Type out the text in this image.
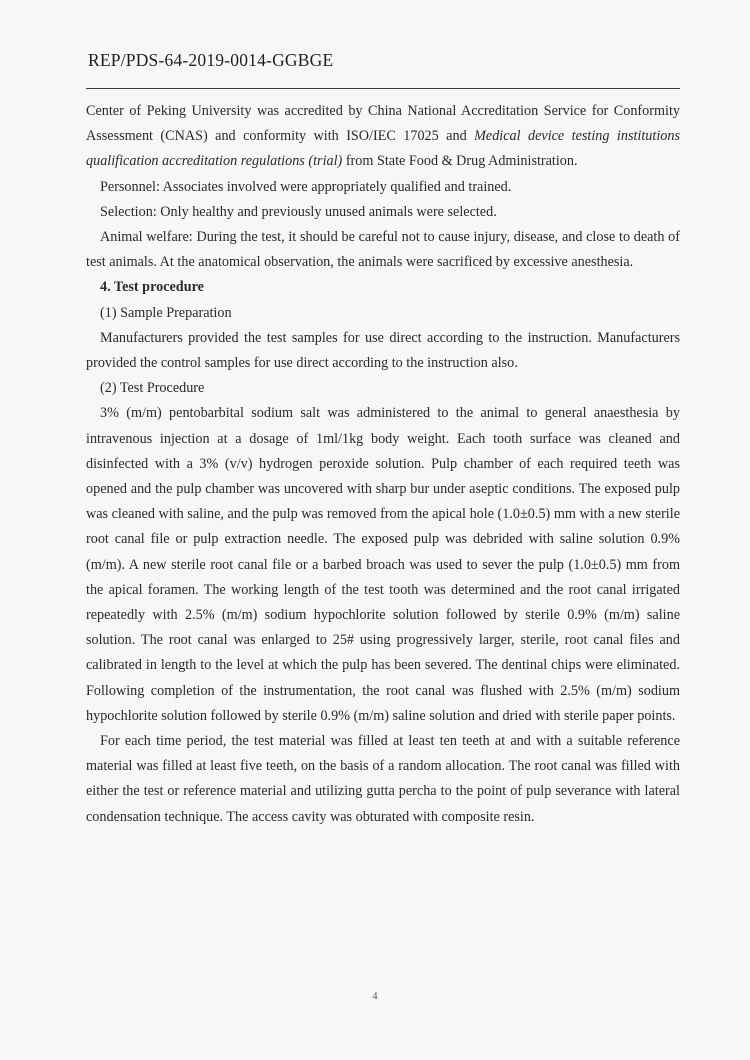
REP/PDS-64-2019-0014-GGBGE

Center of Peking University was accredited by China National Accreditation Service for Conformity Assessment (CNAS) and conformity with ISO/IEC 17025 and Medical device testing institutions qualification accreditation regulations (trial) from State Food & Drug Administration.

Personnel: Associates involved were appropriately qualified and trained.

Selection: Only healthy and previously unused animals were selected.

Animal welfare: During the test, it should be careful not to cause injury, disease, and close to death of test animals. At the anatomical observation, the animals were sacrificed by excessive anesthesia.

4. Test procedure

(1) Sample Preparation

Manufacturers provided the test samples for use direct according to the instruction. Manufacturers provided the control samples for use direct according to the instruction also.

(2) Test Procedure

3% (m/m) pentobarbital sodium salt was administered to the animal to general anaesthesia by intravenous injection at a dosage of 1ml/1kg body weight. Each tooth surface was cleaned and disinfected with a 3% (v/v) hydrogen peroxide solution. Pulp chamber of each required teeth was opened and the pulp chamber was uncovered with sharp bur under aseptic conditions. The exposed pulp was cleaned with saline, and the pulp was removed from the apical hole (1.0±0.5) mm with a new sterile root canal file or pulp extraction needle. The exposed pulp was debrided with saline solution 0.9% (m/m). A new sterile root canal file or a barbed broach was used to sever the pulp (1.0±0.5) mm from the apical foramen. The working length of the test tooth was determined and the root canal irrigated repeatedly with 2.5% (m/m) sodium hypochlorite solution followed by sterile 0.9% (m/m) saline solution. The root canal was enlarged to 25# using progressively larger, sterile, root canal files and calibrated in length to the level at which the pulp has been severed. The dentinal chips were eliminated. Following completion of the instrumentation, the root canal was flushed with 2.5% (m/m) sodium hypochlorite solution followed by sterile 0.9% (m/m) saline solution and dried with sterile paper points.

For each time period, the test material was filled at least ten teeth at and with a suitable reference material was filled at least five teeth, on the basis of a random allocation. The root canal was filled with either the test or reference material and utilizing gutta percha to the point of pulp severance with lateral condensation technique. The access cavity was obturated with composite resin.

4
